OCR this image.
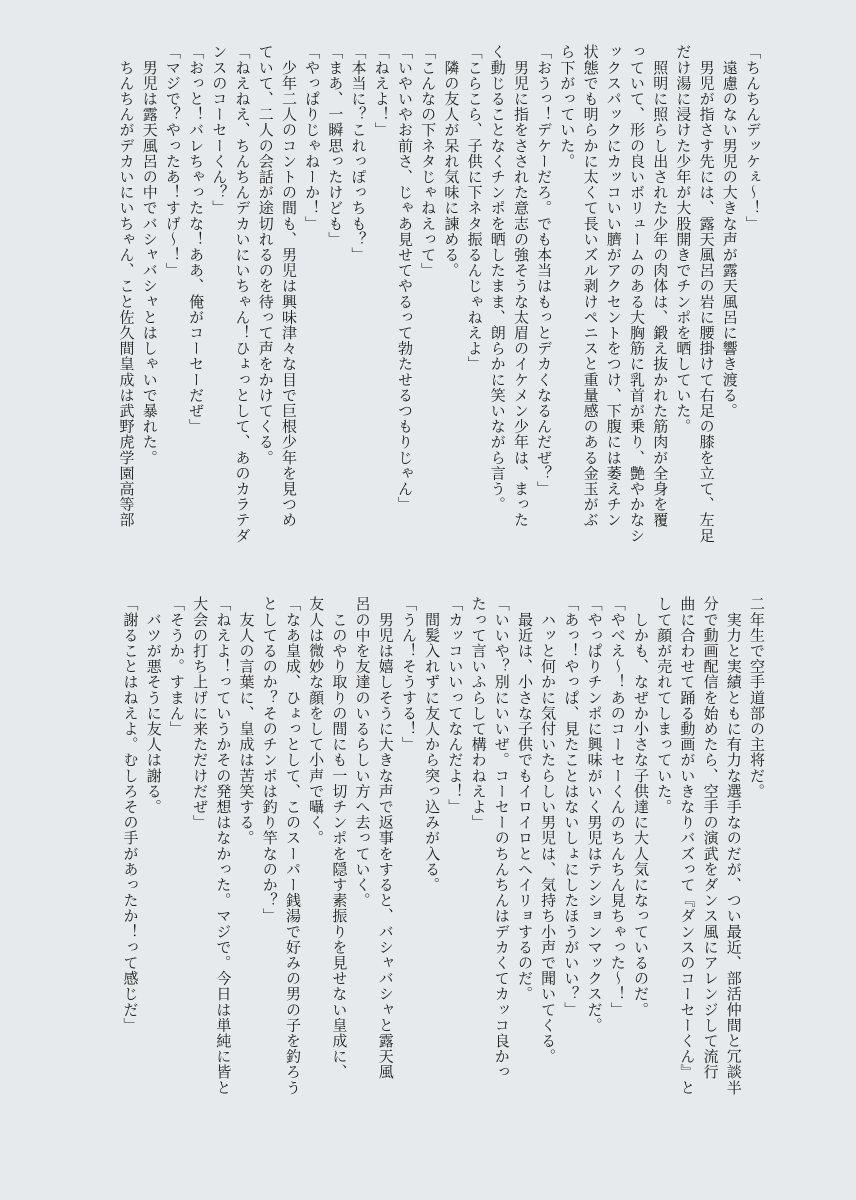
「ちんちんデッケぇ〜！」
　遠慮のない男児の大きな声が露天風呂に響き渡る。
　男児が指さす先には、露天風呂の岩に腰掛けて右足の膝を立て、左足
だけ湯に浸けた少年が大股開きでチンポを晒していた。
　照明に照らし出された少年の肉体は、鍛え抜かれた筋肉が全身を覆
っていて、形の良いボリュームのある大胸筋に乳首が乗り、艶やかなシ
ックスパックにカッコいい臍がアクセントをつけ、下腹には萎えチン
状態でも明らかに太くて長いズル剥けペニスと重量感のある金玉がぶ
ら下がっていた。
「おうっ！デケーだろ。でも本当はもっとデカくなるんだぜ？」
　男児に指をさされた意志の強そうな太眉のイケメン少年は、まった
く動じることなくチンポを晒したまま、朗らかに笑いながら言う。
「こらこら、子供に下ネタ振るんじゃねえよ」
　隣の友人が呆れ気味に諫める。
「こんなの下ネタじゃねえって」
「いやいやお前さ、じゃあ見せてやるって勃たせるつもりじゃん」
「ねえよ！」
「本当に？これっぽっちも？」
「まあ、一瞬思ったけども」
「やっぱりじゃねーか！」
　少年二人のコントの間も、男児は興味津々な目で巨根少年を見つめ
ていて、二人の会話が途切れるのを待って声をかけてくる。
「ねえねえ、ちんちんデカいにいちゃん！ひょっとして、あのカラテダ
ンスのコーセーくん？」
「おっと！バレちゃったな！ああ、俺がコーセーだぜ」
「マジで？やったあ！すげ〜！」
　男児は露天風呂の中でバシャバシャとはしゃいで暴れた。
　ちんちんがデカいにいちゃん、こと佐久間皇成は武野虎学園高等部
二年生で空手道部の主将だ。
　実力と実績ともに有力な選手なのだが、つい最近、部活仲間と冗談半
分で動画配信を始めたら、空手の演武をダンス風にアレンジして流行
曲に合わせて踊る動画がいきなりバズって『ダンスのコーセーくん』と
して顔が売れてしまっていた。
　しかも、なぜか小さな子供達に大人気になっているのだ。
「やべえ〜！あのコーセーくんのちんちん見ちゃった〜！」
「やっぱりチンポに興味がいく男児はテンションマックスだ。
「あっ！やっぱ、見たことはないしょにしたほうがいい？」
　ハッと何かに気付いたらしい男児は、気持ち小声で聞いてくる。
　最近は、小さな子供でもイロイロとヘイリョするのだ。
「いいや？別にいいぜ。コーセーのちんちんはデカくてカッコ良かっ
たって言いふらして構わねえよ」
「カッコいいってなんだよ！」
　間髪入れずに友人から突っ込みが入る。
「うん！そうする！」
　男児は嬉しそうに大きな声で返事をすると、バシャバシャと露天風
呂の中を友達のいるらしい方へ去っていく。
　このやり取りの間にも一切チンポを隠す素振りを見せない皇成に、
友人は微妙な顔をして小声で囁く。
「なあ皇成、ひょっとして、このスーパー銭湯で好みの男の子を釣ろう
としてるのか？そのチンポは釣り竿なのか？」
　友人の言葉に、皇成は苦笑する。
「ねえよ！っていうかその発想はなかった。マジで。今日は単純に皆と
大会の打ち上げに来ただけだぜ」
「そうか。すまん」
　バツが悪そうに友人は謝る。
「謝ることはねえよ。むしろその手があったか！って感じだ」
